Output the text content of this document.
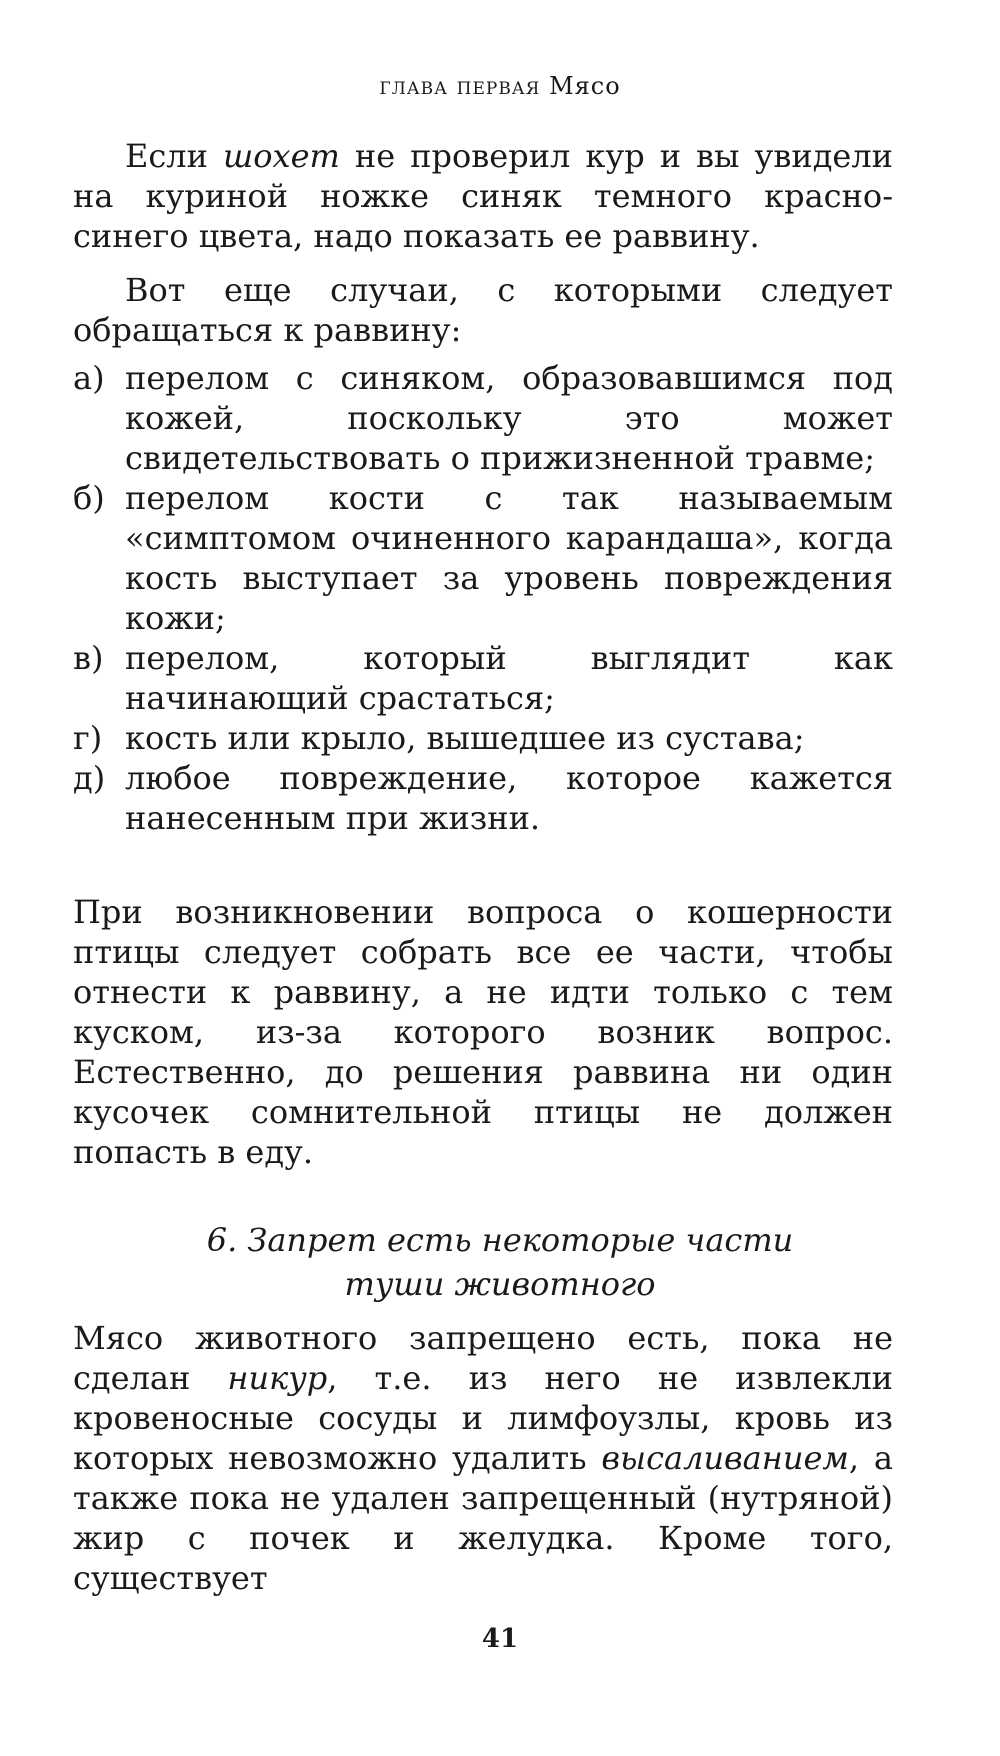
глава первая Мясо

Если шохет не проверил кур и вы увидели на куриной ножке синяк темного красно-синего цвета, надо показать ее раввину.

Вот еще случаи, с которыми следует обращаться к раввину:

а) перелом с синяком, образовавшимся под кожей, поскольку это может свидетельствовать о прижизненной травме;
б) перелом кости с так называемым «симптомом очиненного карандаша», когда кость выступает за уровень повреждения кожи;
в) перелом, который выглядит как начинающий срастаться;
г) кость или крыло, вышедшее из сустава;
д) любое повреждение, которое кажется нанесенным при жизни.

При возникновении вопроса о кошерности птицы следует собрать все ее части, чтобы отнести к раввину, а не идти только с тем куском, из-за которого возник вопрос. Естественно, до решения раввина ни один кусочек сомнительной птицы не должен попасть в еду.

6. Запрет есть некоторые части
туши животного

Мясо животного запрещено есть, пока не сделан никур, т.е. из него не извлекли кровеносные сосуды и лимфоузлы, кровь из которых невозможно удалить высаливанием, а также пока не удален запрещенный (нутряной) жир с почек и желудка. Кроме того, существует

41
